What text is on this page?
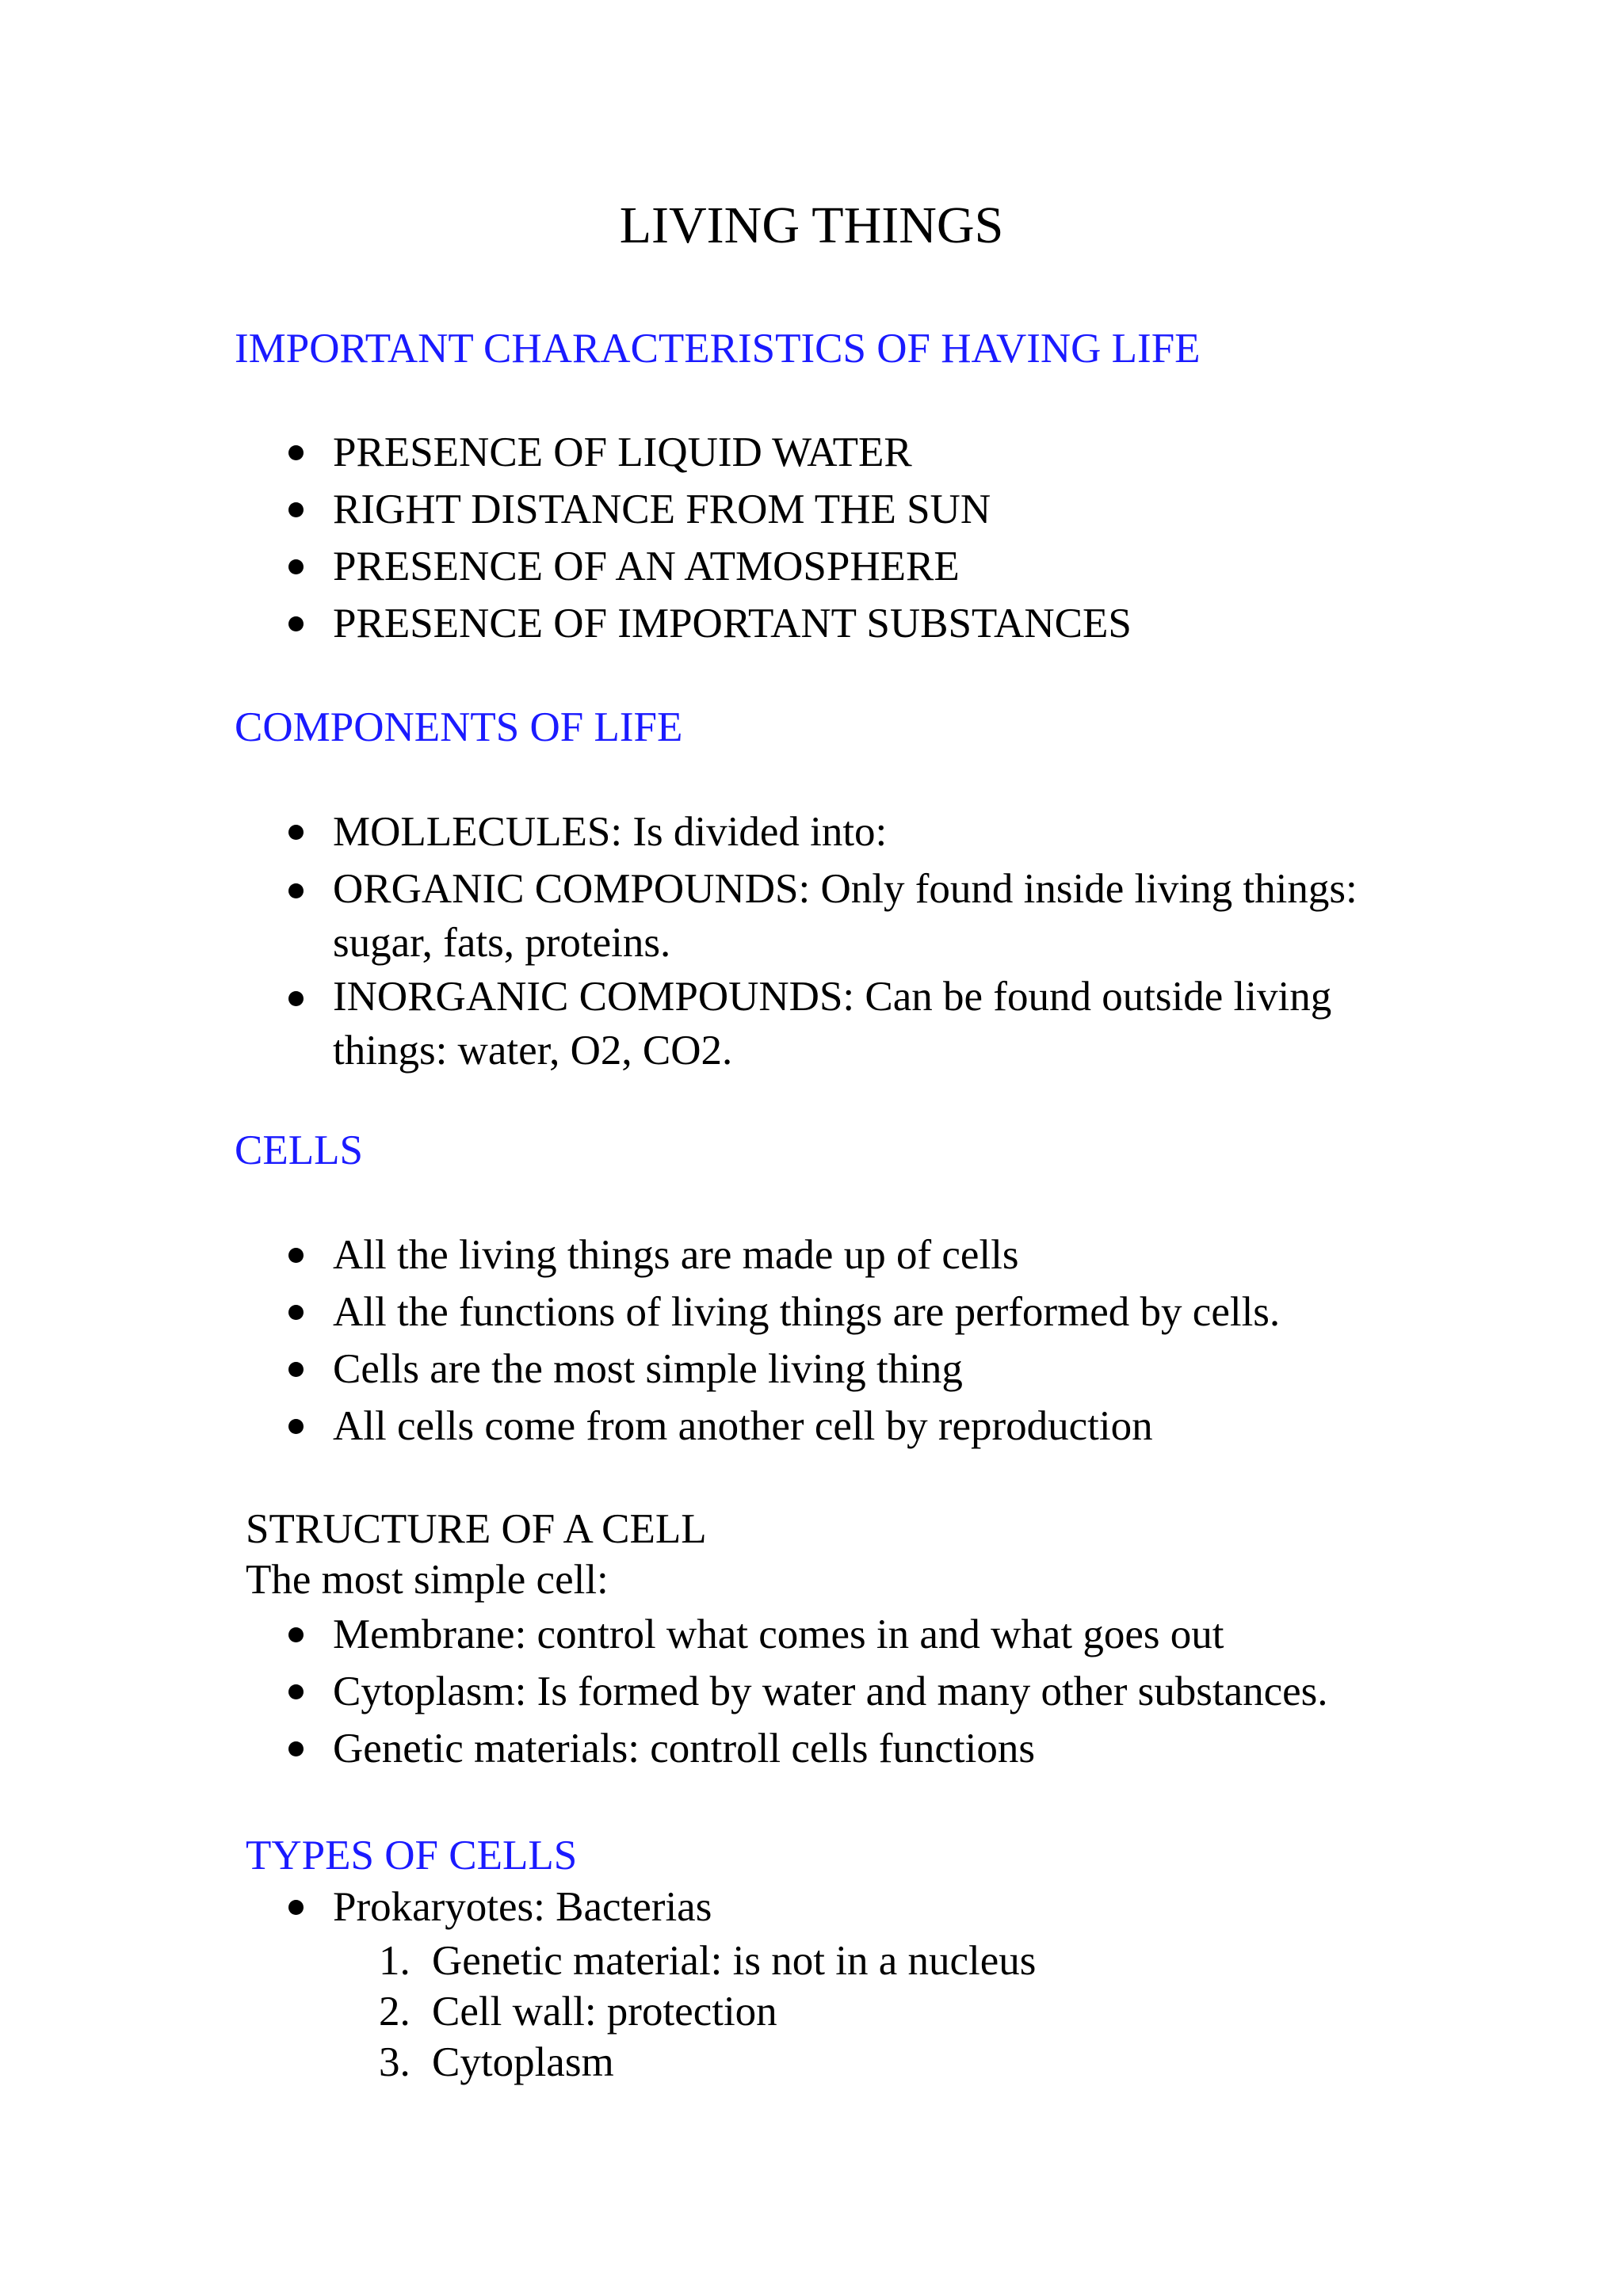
LIVING THINGS
IMPORTANT CHARACTERISTICS OF HAVING LIFE
PRESENCE OF LIQUID WATER
RIGHT DISTANCE FROM THE SUN
PRESENCE OF AN ATMOSPHERE
PRESENCE OF IMPORTANT SUBSTANCES
COMPONENTS OF LIFE
MOLLECULES: Is divided into:
ORGANIC COMPOUNDS: Only found inside living things: sugar, fats, proteins.
INORGANIC COMPOUNDS: Can be found outside living things: water, O2, CO2.
CELLS
All the living things are made up of cells
All the functions of living things are performed by cells.
Cells are the most simple living thing
All cells come from another cell by reproduction
STRUCTURE OF A CELL

The most simple cell:

Membrane: control what comes in and what goes out
Cytoplasm: Is formed by water and many other substances.
Genetic materials: controll cells functions
TYPES OF CELLS
Prokaryotes: Bacterias
1. Genetic material: is not in a nucleus
2. Cell wall: protection
3. Cytoplasm
